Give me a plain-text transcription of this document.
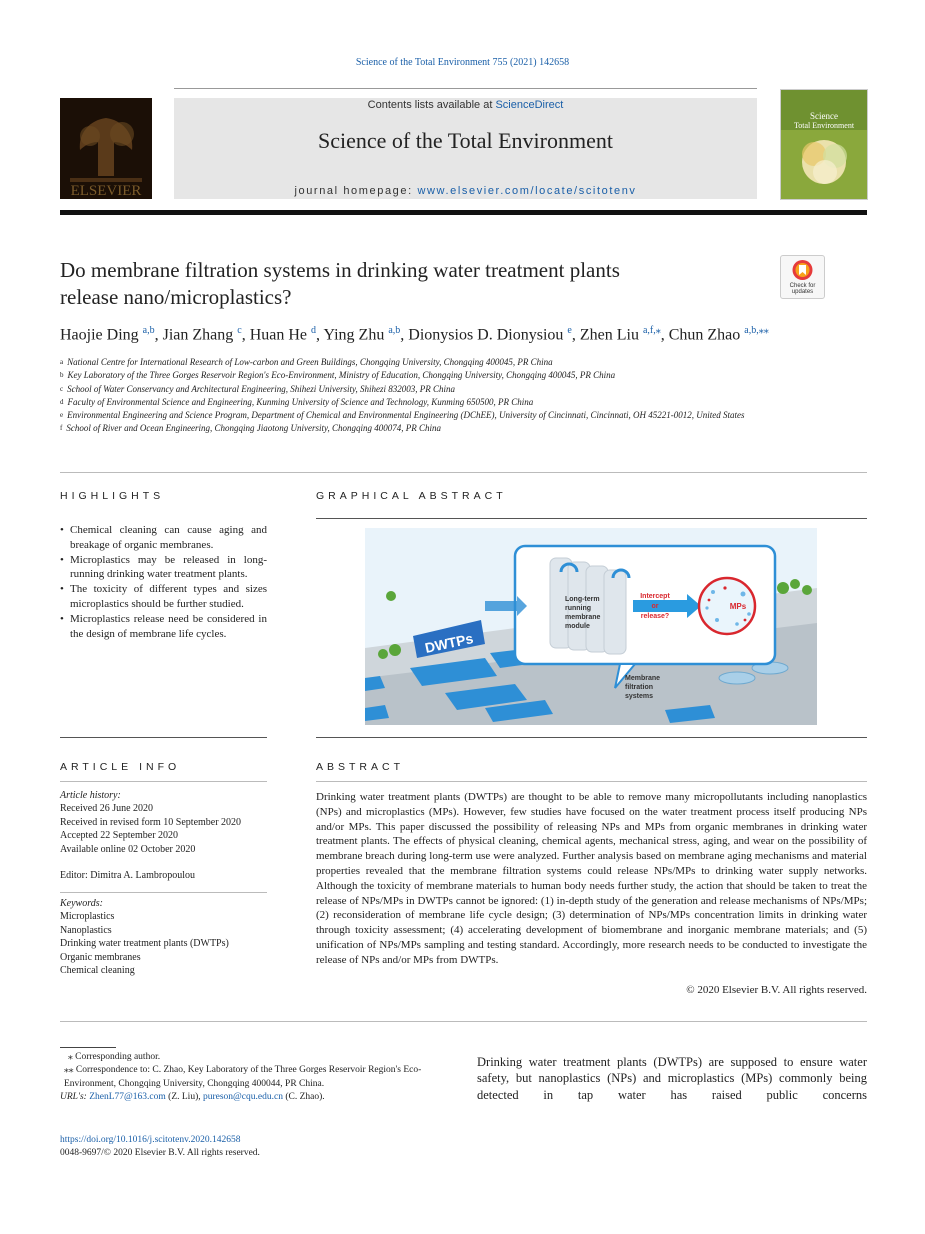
Science of the Total Environment 755 (2021) 142658
ELSEVIER
Contents lists available at ScienceDirect
Science of the Total Environment
journal homepage: www.elsevier.com/locate/scitotenv
Science
Total Environment
Do membrane filtration systems in drinking water treatment plants
release nano/microplastics?	Check for
updates
Haojie Ding $^{a,b}$, Jian Zhang $^c$, Huan He $^d$, Ying Zhu $^{a,b}$, Dionysios D. Dionysiou $^e$, Zhen Liu $^{a,f,⁎}$, Chun Zhao $^{a,b,⁎⁎}$
$^a$ National Centre for International Research of Low-carbon and Green Buildings, Chongqing University, Chongqing 400045, PR China
$^b$ Key Laboratory of the Three Gorges Reservoir Region's Eco-Environment, Ministry of Education, Chongqing University, Chongqing 400045, PR China
$^c$ School of Water Conservancy and Architectural Engineering, Shihezi University, Shihezi 832003, PR China
$^d$ Faculty of Environmental Science and Engineering, Kunming University of Science and Technology, Kunming 650500, PR China
$^e$ Environmental Engineering and Science Program, Department of Chemical and Environmental Engineering (DChEE), University of Cincinnati, Cincinnati, OH 45221-0012, United States
$^f$ School of River and Ocean Engineering, Chongqing Jiaotong University, Chongqing 400074, PR China
HIGHLIGHTS
• Chemical cleaning can cause aging and breakage of organic membranes.
• Microplastics may be released in long-running drinking water treatment plants.
• The toxicity of different types and sizes microplastics should be further studied.
• Microplastics release need be considered in the design of membrane life cycles.
GRAPHICAL ABSTRACT
DWTPs
Long-term
running
membrane
module
Intercept
or
release?
MPs
Membrane
filtration
systems
ARTICLE INFO
Article history:
Received 26 June 2020
Received in revised form 10 September 2020
Accepted 22 September 2020
Available online 02 October 2020
Editor: Dimitra A. Lambropoulou
Keywords:
Microplastics
Nanoplastics
Drinking water treatment plants (DWTPs)
Organic membranes
Chemical cleaning
ABSTRACT
Drinking water treatment plants (DWTPs) are thought to be able to remove many micropollutants including nanoplastics (NPs) and microplastics (MPs). However, few studies have focused on the water treatment process itself producing NPs and/or MPs. This paper discussed the possibility of releasing NPs and MPs from organic membranes in drinking water treatment plants. The effects of physical cleaning, chemical agents, mechanical stress, aging, and wear on the possibility of membrane breach during long-term use were analyzed. Further analysis based on membrane aging mechanisms and material properties revealed that the membrane filtration systems could release NPs/MPs to drinking water supply networks. Although the toxicity of membrane materials to human body needs further study, the action that should be taken to treat the release of NPs/MPs in DWTPs cannot be ignored: (1) in-depth study of the generation and release mechanisms of NPs/MPs; (2) reconsideration of membrane life cycle design; (3) determination of NPs/MPs concentration limits in drinking water through toxicity assessment; (4) accelerating development of biomembrane and inorganic membrane materials; and (5) unification of NPs/MPs sampling and testing standard. Accordingly, more research needs to be conducted to investigate the release of NPs and/or MPs from DWTPs.
© 2020 Elsevier B.V. All rights reserved.
⁎ Corresponding author.
⁎⁎ Correspondence to: C. Zhao, Key Laboratory of the Three Gorges Reservoir Region's Eco-Environment, Chongqing University, Chongqing 400044, PR China.
URL's: ZhenL77@163.com (Z. Liu), pureson@cqu.edu.cn (C. Zhao).
Drinking water treatment plants (DWTPs) are supposed to ensure water safety, but nanoplastics (NPs) and microplastics (MPs) commonly being detected in tap water has raised public concerns
https://doi.org/10.1016/j.scitotenv.2020.142658
0048-9697/© 2020 Elsevier B.V. All rights reserved.
